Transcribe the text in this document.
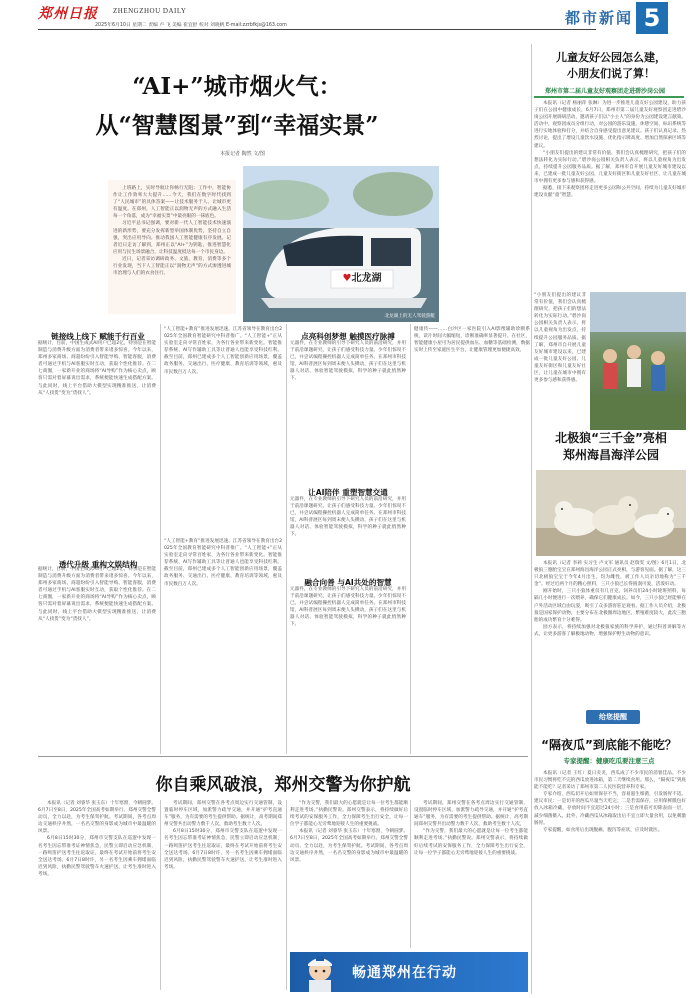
郑州日报 ZHENGZHOU DAILY
2025年6月10日 星期二 责编 卢 飞 美编 崔宜舒 校对 刘晓帆 E-mail:zzrbfkjs@163.com	都市新闻 5
“AI+”城市烟火气：
从“智慧图景”到“幸福实景”
本报记者 陶然 文/图

上班路上，实时导航让你畅行无阻；工作中，智能协作让工作效率大大提升……今天，我们在数字时代找到了“人民城市”的具体答案——让技术服务于人、让城市更有温度。在郑州，人工智能正以润物无声的方式融入生活每一个角落，成为“幸福实景”中最亮眼的一抹底色。

习近平总书记强调，要对新一代人工智能技术快速演进的新形势，要充分发挥新型举国体制优势，坚持自立自强，突出应用导向。推动我国人工智能健康有序发展。记者近日走访了解到，郑州正以“AI+”为钥匙，推进智慧化应用与民生场景融合，让科技温度抵达每一个市民身边。

近日，记者采访调研政务、文旅、教育、消费等多个行业发现，当下人工智能正以“润物无声”的方式渗透进城市治理与人们的衣食住行。	♥北龙湖
北龙湖上的无人驾驶游艇
链接线上线下 赋能千行百业
据统计，目前，中国生成式AI用户已超2亿，特别是在智能制造与消费升级方面为消费者带来诸多惊喜。今年以来，郑州多家商场、商超纷纷引入智能导购、智能客服，消费者可通过手机与AI客服实时互动，获取个性化推荐。在二七商圈，一家新开业的商场将“AI导购”作为核心卖点，顾客只需对着屏幕说出需求，系统便能快速生成搭配方案。与此同时，线上平台借助大模型实现精准推送，让消费从“人找货”变为“货找人”。
透代升级 重构文娱结构
据统计，目前，中国生成式AI用户已超2亿，特别是在智能制造与消费升级方面为消费者带来诸多惊喜。今年以来，郑州多家商场、商超纷纷引入智能导购、智能客服，消费者可通过手机与AI客服实时互动，获取个性化推荐。在二七商圈，一家新开业的商场将“AI导购”作为核心卖点，顾客只需对着屏幕说出需求，系统便能快速生成搭配方案。与此同时，线上平台借助大模型实现精准推送，让消费从“人找货”变为“货找人”。
“人工智能+教育”推进发展迅速。江苏省领导在教育出台2025年全国教育智能研究中科普推广。“人工智能+”正从实验室走向寻常百姓家，为各行各业带来新变化。智能推荐系统、AI写作辅助工具等让普通人也能享受科技红利。截至目前，郑州已建成多个人工智能创新应用场景，覆盖政务服务、交通出行、医疗健康、教育培训等领域，惠及市民数百万人次。
“人工智能+教育”推进发展迅速。江苏省领导在教育出台2025年全国教育智能研究中科普推广。“人工智能+”正从实验室走向寻常百姓家，为各行各业带来新变化。智能推荐系统、AI写作辅助工具等让普通人也能享受科技红利。截至目前，郑州已建成多个人工智能创新应用场景，覆盖政务服务、交通出行、医疗健康、教育培训等领域，惠及市民数百万人次。
点亮科创梦想 触摸医疗脉搏
元器件，在专业教师的引导下研究人员的前沿研究，并用于前沿课题研究，让孩子们感受科技力量。少年们惊叹不已，并尝试编程操控机器人完成简单任务。在郑州市科技馆，AI科普展区每到周末便人头攒动，孩子们在这里与机器人对话、体验智能驾驶模拟，科学的种子就此悄然种下。
让AI陪伴 重塑智慧交通
元器件，在专业教师的引导下研究人员的前沿研究，并用于前沿课题研究，让孩子们感受科技力量。少年们惊叹不已，并尝试编程操控机器人完成简单任务。在郑州市科技馆，AI科普展区每到周末便人头攒动，孩子们在这里与机器人对话、体验智能驾驶模拟，科学的种子就此悄然种下。
融合向善 与AI共处的智慧
元器件，在专业教师的引导下研究人员的前沿研究，并用于前沿课题研究，让孩子们感受科技力量。少年们惊叹不已，并尝试编程操控机器人完成简单任务。在郑州市科技馆，AI科普展区每到周末便人头攒动，孩子们在这里与机器人对话、体验智能驾驶模拟，科学的种子就此悄然种下。
健康传——……白沙区一家医院引入AI影像辅助诊断系统，读片时间大幅缩短，诊断准确率显著提升。在社区，智能健康小屋可为居民提供血压、血糖等基础检测，数据实时上传至家庭医生平台，让健康管理更加便捷高效。
儿童友好公园怎么建，
小朋友们说了算！
郑州市第二届儿童友好观察团走进碧沙岗公园

本报讯（记者 杨丽萍 张琳）为进一步推进儿童友好公园建设，助力孩子们在公园中健康成长，6月7日，郑州市第二届儿童友好观察团走进碧沙岗公园开展调研活动，邀请孩子们以“小主人”的身份为公园建设建言献策。活动中，观察团成员分组行动，对公园的游乐设施、休憩空间、标识系统等进行实地体验和打分，并结合自身感受提出意见建议。孩子们认真记录、热烈讨论，提出了增设儿童饮水设施、优化指示牌高度、增加自然探索区域等建议。

“小朋友们提出的建议非常有价值，我们会认真梳理研究，把孩子们的想法转化为实际行动。”碧沙岗公园相关负责人表示，将以儿童视角为出发点，持续提升公园服务品质。据了解，郑州市自开展儿童友好城市建设以来，已建成一批儿童友好公园、儿童友好街区和儿童友好社区，让儿童在城市中拥有更多参与感和获得感。

据悉，接下来观察团将走进更多公园和公共空间，持续为儿童友好城市建设贡献“童”智慧。

“小朋友们提出的建议非常有价值，我们会认真梳理研究，把孩子们的想法转化为实际行动。”碧沙岗公园相关负责人表示，将以儿童视角为出发点，持续提升公园服务品质。据了解，郑州市自开展儿童友好城市建设以来，已建成一批儿童友好公园、儿童友好街区和儿童友好社区，让儿童在城市中拥有更多参与感和获得感。
北极狼“三千金”亮相
郑州海昌海洋公园

本报讯（记者 李莉 实习生 卢文军 通讯员 赵瑞雯 文/图）6月1日，北极狼三胞胎宝宝在郑州海昌海洋公园正式亮相，与游客见面。据了解，这三只北极狼宝宝于今年4月出生，均为雌性，被工作人员亲切地称为“三千金”。经过近两个月的精心照料，三只小狼已长得圆润可爱，活泼好动。

刚开始时，三只小狼体重仅有几百克，饲养员们24小时轮班照料，每隔几小时便进行一次喂养，确保它们健康成长。如今，三只小狼已经能够在户外活动区域自由玩耍，吸引了众多游客驻足观看。据工作人员介绍，北极狼是国家保护动物，主要分布在北极圈周边地区，繁殖难度较大，此次三胞胎的成功繁育十分难得。

园方表示，将持续加强对北极狼家族的科学养护，通过科普讲解等方式，让更多游客了解极地动物，增强保护野生动物的意识。

给您提醒
“隔夜瓜”到底能不能吃？
专家提醒：健康吃瓜要注意三点

本报讯（记者 王红）夏日炎炎，西瓜成了不少市民的消暑佳品。不少市民习惯将吃不完的西瓜放进冰箱，第二天继续食用。那么，“隔夜瓜”到底能不能吃？记者采访了郑州市第二人民医院营养科专家。

专家介绍，西瓜切开后如果保存不当，容易滋生细菌，引发肠胃不适。建议市民：一是切开的西瓜尽量当天吃完；二是若需保存，应用保鲜膜包好放入冰箱冷藏，存放时间不宜超过24小时；三是食用前可切除表面一层，减少细菌摄入。此外，冷藏西瓜从冰箱取出后不宜立即大量食用，以免刺激肠胃。

专家提醒，如食用后出现腹痛、腹泻等症状，应及时就医。

你自乘风破浪，郑州交警为你护航

本报讯（记者 刘睿华 张玉东）十年寒窗，今朝圆梦。6月7日至8日，2025年全国高考如期举行。郑州交警全警动员、全力以赴，为考生保驾护航。考试期间，各考点周边交通秩序井然，一名名交警的身影成为城市中最温暖的风景。

6月8日15时30分，郑州市交警支队在巡逻中发现一名考生因忘带准考证神情焦急，民警立即启动应急机制，一路鸣笛护送考生往返取证，最终在考试开始前将考生安全送达考场。6月7日8时许，另一名考生因乘车拥堵面临迟到风险，执勤民警驾驶警车火速护送，让考生准时进入考场。

考试期间，郑州交警在各考点周边实行交通管制，设置临时停车区域，加派警力疏导交通，并开通“护考直通车”服务，为有需要的考生提供帮助。据统计，高考期间郑州交警共出动警力数千人次，救助考生数十人次。

6月8日15时30分，郑州市交警支队在巡逻中发现一名考生因忘带准考证神情焦急，民警立即启动应急机制，一路鸣笛护送考生往返取证，最终在考试开始前将考生安全送达考场。6月7日8时许，另一名考生因乘车拥堵面临迟到风险，执勤民警驾驶警车火速护送，让考生准时进入考场。

“作为交警，我们最大的心愿就是让每一位考生都能顺利走进考场。”执勤民警说。郑州交警表示，将持续做好后续考试的安保服务工作，全力保障考生出行安全，让每一位学子都能心无旁骛地迎接人生的重要挑战。

本报讯（记者 刘睿华 张玉东）十年寒窗，今朝圆梦。6月7日至8日，2025年全国高考如期举行。郑州交警全警动员、全力以赴，为考生保驾护航。考试期间，各考点周边交通秩序井然，一名名交警的身影成为城市中最温暖的风景。

考试期间，郑州交警在各考点周边实行交通管制，设置临时停车区域，加派警力疏导交通，并开通“护考直通车”服务，为有需要的考生提供帮助。据统计，高考期间郑州交警共出动警力数千人次，救助考生数十人次。

“作为交警，我们最大的心愿就是让每一位考生都能顺利走进考场。”执勤民警说。郑州交警表示，将持续做好后续考试的安保服务工作，全力保障考生出行安全，让每一位学子都能心无旁骛地迎接人生的重要挑战。

畅通郑州在行动
